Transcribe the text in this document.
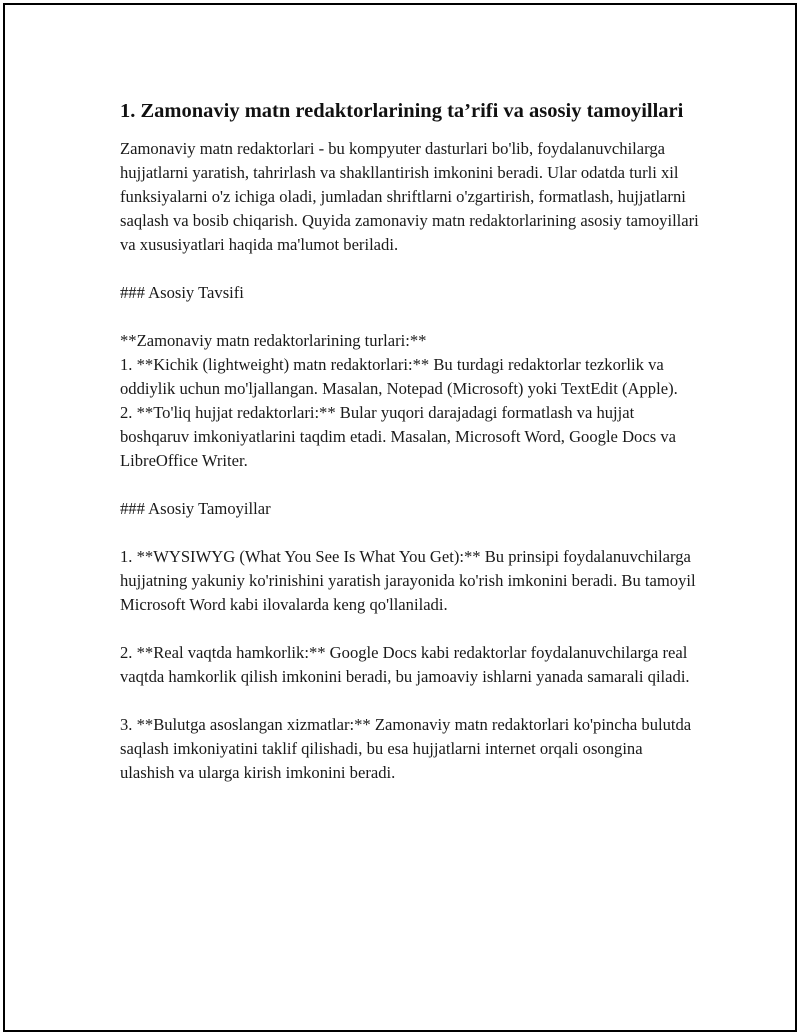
1. Zamonaviy matn redaktorlarining ta’rifi va asosiy tamoyillari

Zamonaviy matn redaktorlari - bu kompyuter dasturlari bo'lib, foydalanuvchilarga hujjatlarni yaratish, tahrirlash va shakllantirish imkonini beradi. Ular odatda turli xil funksiyalarni o'z ichiga oladi, jumladan shriftlarni o'zgartirish, formatlash, hujjatlarni saqlash va bosib chiqarish. Quyida zamonaviy matn redaktorlarining asosiy tamoyillari va xususiyatlari haqida ma'lumot beriladi.

### Asosiy Tavsifi

**Zamonaviy matn redaktorlarining turlari:**

1. **Kichik (lightweight) matn redaktorlari:** Bu turdagi redaktorlar tezkorlik va oddiylik uchun mo'ljallangan. Masalan, Notepad (Microsoft) yoki TextEdit (Apple).

2. **To'liq hujjat redaktorlari:** Bular yuqori darajadagi formatlash va hujjat boshqaruv imkoniyatlarini taqdim etadi. Masalan, Microsoft Word, Google Docs va LibreOffice Writer.

### Asosiy Tamoyillar

1. **WYSIWYG (What You See Is What You Get):** Bu prinsipi foydalanuvchilarga hujjatning yakuniy ko'rinishini yaratish jarayonida ko'rish imkonini beradi. Bu tamoyil Microsoft Word kabi ilovalarda keng qo'llaniladi.

2. **Real vaqtda hamkorlik:** Google Docs kabi redaktorlar foydalanuvchilarga real vaqtda hamkorlik qilish imkonini beradi, bu jamoaviy ishlarni yanada samarali qiladi.

3. **Bulutga asoslangan xizmatlar:** Zamonaviy matn redaktorlari ko'pincha bulutda saqlash imkoniyatini taklif qilishadi, bu esa hujjatlarni internet orqali osongina ulashish va ularga kirish imkonini beradi.
